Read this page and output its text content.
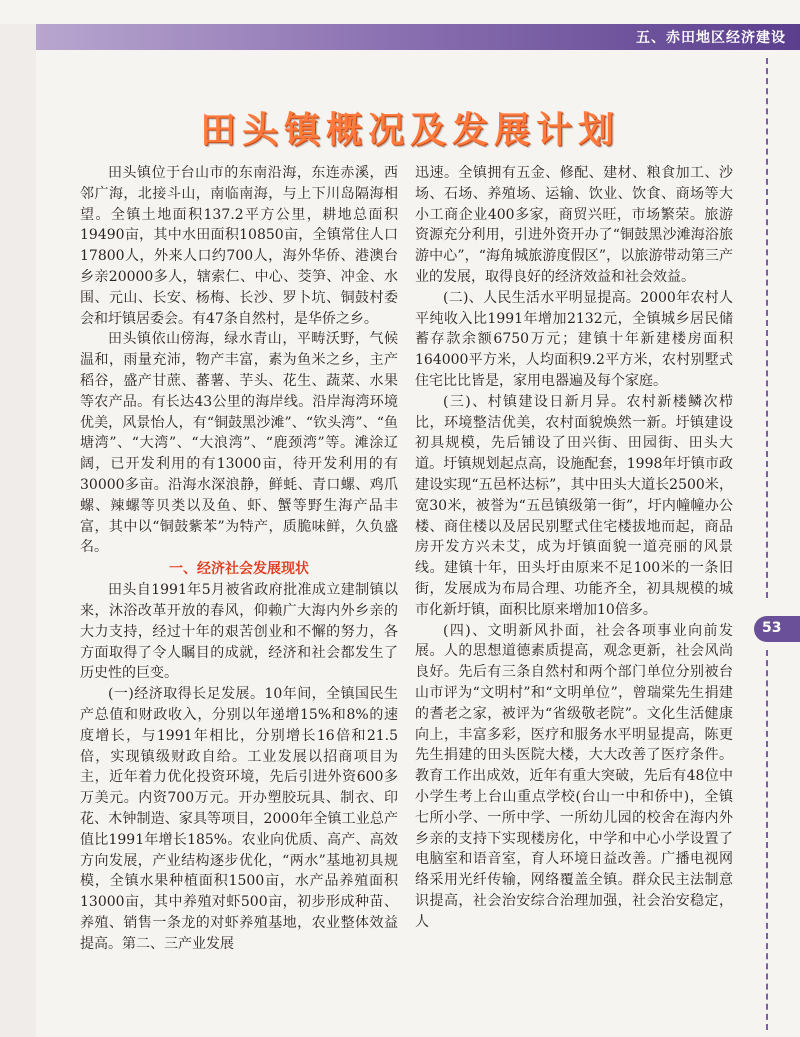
五、赤田地区经济建设
53
田头镇概况及发展计划

田头镇位于台山市的东南沿海，东连赤溪，西邻广海，北接斗山，南临南海，与上下川岛隔海相望。全镇土地面积137.2平方公里，耕地总面积19490亩，其中水田面积10850亩，全镇常住人口17800人，外来人口约700人，海外华侨、港澳台乡亲20000多人，辖索仁、中心、茭笋、冲金、水围、元山、长安、杨梅、长沙、罗卜坑、铜鼓村委会和圩镇居委会。有47条自然村，是华侨之乡。

田头镇依山傍海，绿水青山，平畴沃野，气候温和，雨量充沛，物产丰富，素为鱼米之乡，主产稻谷，盛产甘蔗、蕃薯、芋头、花生、蔬菜、水果等农产品。有长达43公里的海岸线。沿岸海湾环境优美，风景怡人，有“铜鼓黑沙滩”、“钦头湾”、“鱼塘湾”、“大湾”、“大浪湾”、“鹿颈湾”等。滩涂辽阔，已开发利用的有13000亩，待开发利用的有30000多亩。沿海水深浪静，鲜蚝、青口螺、鸡爪螺、辣螺等贝类以及鱼、虾、蟹等野生海产品丰富，其中以“铜鼓紫苯”为特产，质脆味鲜，久负盛名。

一、经济社会发展现状

田头自1991年5月被省政府批准成立建制镇以来，沐浴改革开放的春风，仰赖广大海内外乡亲的大力支持，经过十年的艰苦创业和不懈的努力，各方面取得了令人瞩目的成就，经济和社会都发生了历史性的巨变。

(一)经济取得长足发展。10年间，全镇国民生产总值和财政收入，分别以年递增15%和8%的速度增长，与1991年相比，分别增长16倍和21.5倍，实现镇级财政自给。工业发展以招商项目为主，近年着力优化投资环境，先后引进外资600多万美元。内资700万元。开办塑胶玩具、制衣、印花、木钟制造、家具等项目，2000年全镇工业总产值比1991年增长185%。农业向优质、高产、高效方向发展，产业结构逐步优化，“两水”基地初具规模，全镇水果种植面积1500亩，水产品养殖面积13000亩，其中养殖对虾500亩，初步形成种苗、养殖、销售一条龙的对虾养殖基地，农业整体效益提高。第二、三产业发展

迅速。全镇拥有五金、修配、建材、粮食加工、沙场、石场、养殖场、运输、饮业、饮食、商场等大小工商企业400多家，商贸兴旺，市场繁荣。旅游资源充分利用，引进外资开办了“铜鼓黑沙滩海浴旅游中心”，“海角城旅游度假区”，以旅游带动第三产业的发展，取得良好的经济效益和社会效益。

(二)、人民生活水平明显提高。2000年农村人平纯收入比1991年增加2132元，全镇城乡居民储蓄存款余额6750万元；建镇十年新建楼房面积164000平方米，人均面积9.2平方米，农村别墅式住宅比比皆是，家用电器遍及每个家庭。

(三)、村镇建设日新月异。农村新楼鳞次栉比，环境整洁优美，农村面貌焕然一新。圩镇建设初具规模，先后铺设了田兴街、田园街、田头大道。圩镇规划起点高，设施配套，1998年圩镇市政建设实现“五邑杯达标”，其中田头大道长2500米，宽30米，被誉为“五邑镇级第一街”，圩内幢幢办公楼、商住楼以及居民别墅式住宅楼拔地而起，商品房开发方兴未艾，成为圩镇面貌一道亮丽的风景线。建镇十年，田头圩由原来不足100米的一条旧街，发展成为布局合理、功能齐全，初具规模的城市化新圩镇，面积比原来增加10倍多。

(四)、文明新风扑面，社会各项事业向前发展。人的思想道德素质提高，观念更新，社会风尚良好。先后有三条自然村和两个部门单位分别被台山市评为“文明村”和“文明单位”，曾瑞棠先生捐建的耆老之家，被评为“省级敬老院”。文化生活健康向上，丰富多彩，医疗和服务水平明显提高，陈更先生捐建的田头医院大楼，大大改善了医疗条件。教育工作出成效，近年有重大突破，先后有48位中小学生考上台山重点学校(台山一中和侨中)，全镇七所小学、一所中学、一所幼儿园的校舍在海内外乡亲的支持下实现楼房化，中学和中心小学设置了电脑室和语音室，育人环境日益改善。广播电视网络采用光纤传输，网络覆盖全镇。群众民主法制意识提高，社会治安综合治理加强，社会治安稳定，人
